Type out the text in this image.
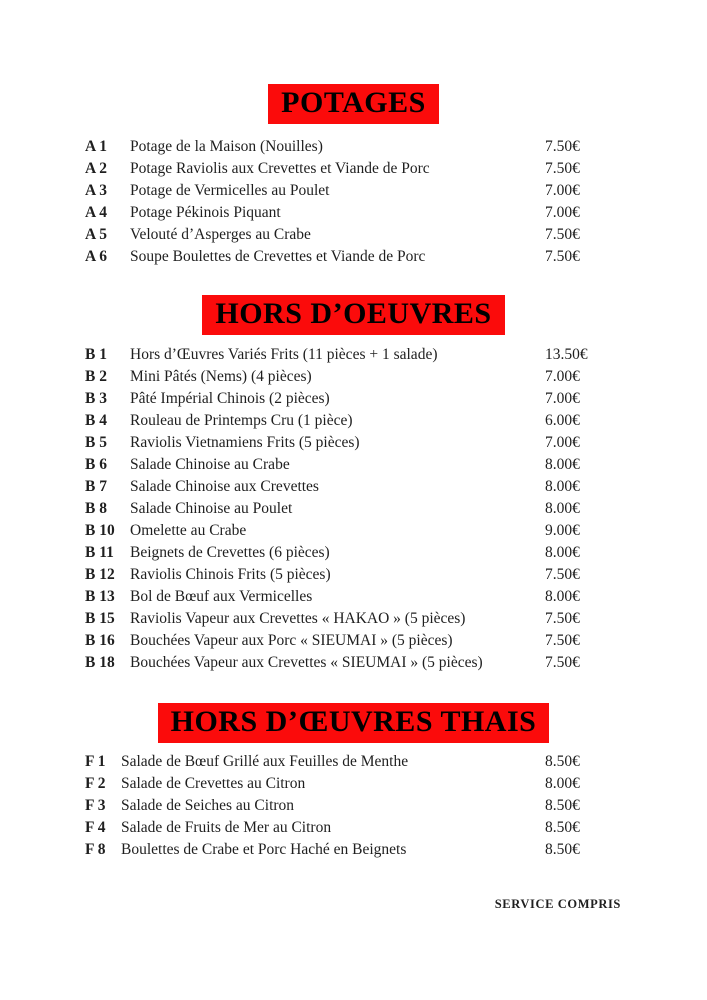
POTAGES
A 1	Potage de la Maison (Nouilles)	7.50€
A 2	Potage Raviolis aux Crevettes et Viande de Porc	7.50€
A 3	Potage de Vermicelles au Poulet	7.00€
A 4	Potage Pékinois Piquant	7.00€
A 5	Velouté d’Asperges au Crabe	7.50€
A 6	Soupe Boulettes de Crevettes et Viande de Porc	7.50€
HORS D’OEUVRES
B 1	Hors d’Œuvres Variés Frits (11 pièces + 1 salade)	13.50€
B 2	Mini Pâtés (Nems) (4 pièces)	7.00€
B 3	Pâté Impérial Chinois (2 pièces)	7.00€
B 4	Rouleau de Printemps Cru (1 pièce)	6.00€
B 5	Raviolis Vietnamiens Frits (5 pièces)	7.00€
B 6	Salade Chinoise au Crabe	8.00€
B 7	Salade Chinoise aux Crevettes	8.00€
B 8	Salade Chinoise au Poulet	8.00€
B 10 Omelette au Crabe	9.00€
B 11	Beignets de Crevettes (6 pièces)	8.00€
B 12 Raviolis Chinois Frits (5 pièces)	7.50€
B 13 Bol de Bœuf aux Vermicelles	8.00€
B 15 Raviolis Vapeur aux Crevettes « HAKAO » (5 pièces)	7.50€
B 16 Bouchées Vapeur aux Porc « SIEUMAI » (5 pièces)	7.50€
B 18 Bouchées Vapeur aux Crevettes « SIEUMAI » (5 pièces)	7.50€
HORS D’ŒUVRES THAIS
F 1 Salade de Bœuf Grillé aux Feuilles de Menthe	8.50€
F 2 Salade de Crevettes au Citron	8.00€
F 3 Salade de Seiches au Citron	8.50€
F 4 Salade de Fruits de Mer au Citron	8.50€
F 8 Boulettes de Crabe et Porc Haché en Beignets	8.50€
SERVICE COMPRIS
